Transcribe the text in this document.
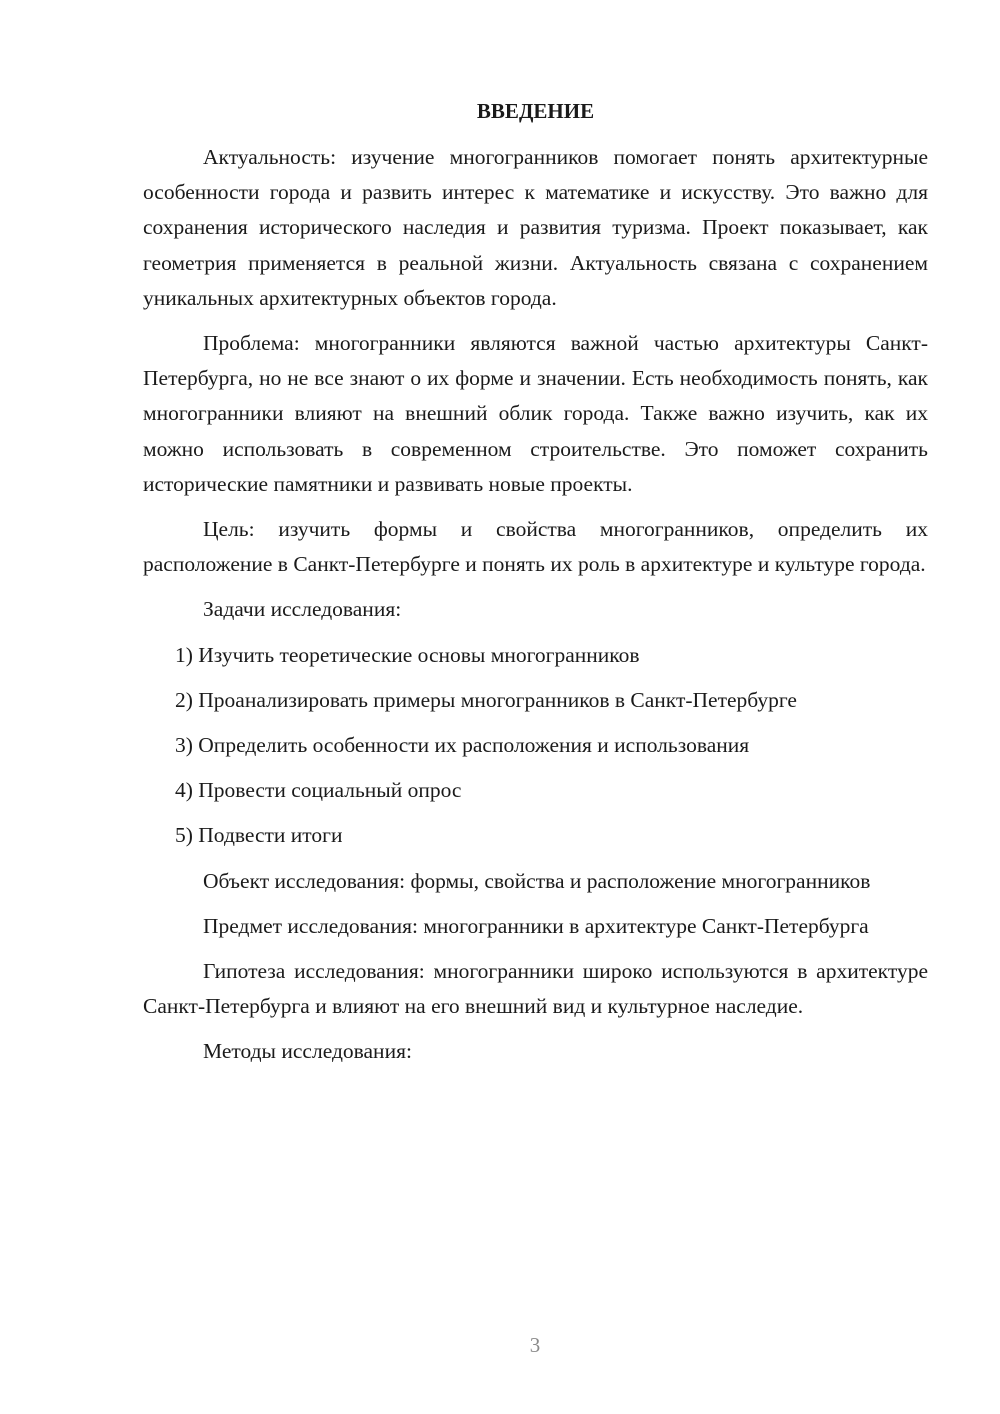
ВВЕДЕНИЕ

Актуальность: изучение многогранников помогает понять архитектурные особенности города и развить интерес к математике и искусству. Это важно для сохранения исторического наследия и развития туризма. Проект показывает, как геометрия применяется в реальной жизни. Актуальность связана с сохранением уникальных архитектурных объектов города.

Проблема: многогранники являются важной частью архитектуры Санкт-Петербурга, но не все знают о их форме и значении. Есть необходимость понять, как многогранники влияют на внешний облик города. Также важно изучить, как их можно использовать в современном строительстве. Это поможет сохранить исторические памятники и развивать новые проекты.

Цель: изучить формы и свойства многогранников, определить их расположение в Санкт-Петербурге и понять их роль в архитектуре и культуре города.

Задачи исследования:

1) Изучить теоретические основы многогранников
2) Проанализировать примеры многогранников в Санкт-Петербурге
3) Определить особенности их расположения и использования
4) Провести социальный опрос
5) Подвести итоги

Объект исследования: формы, свойства и расположение многогранников

Предмет исследования: многогранники в архитектуре Санкт-Петербурга

Гипотеза исследования: многогранники широко используются в архитектуре Санкт-Петербурга и влияют на его внешний вид и культурное наследие.

Методы исследования:

3
